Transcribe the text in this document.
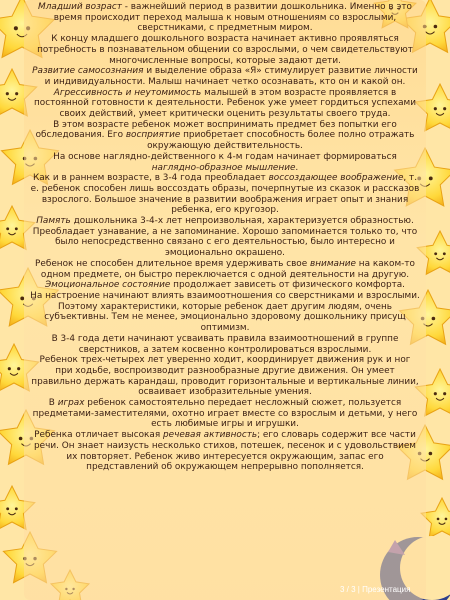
Младший возраст - важнейший период в развитии дошкольника. Именно в это время происходит переход малыша к новым отношениям со взрослыми, сверстниками, с предметным миром.

К концу младшего дошкольного возраста начинает активно проявляться потребность в познавательном общении со взрослыми, о чем свидетельствуют многочисленные вопросы, которые задают дети.

Развитие самосознания и выделение образа «Я» стимулирует развитие личности и индивидуальности. Малыш начинает четко осознавать, кто он и какой он.

Агрессивность и неутомимость малышей в этом возрасте проявляется в постоянной готовности к деятельности. Ребенок уже умеет гордиться успехами своих действий, умеет критически оценить результаты своего труда.

В этом возрасте ребенок может воспринимать предмет без попытки его обследования. Его восприятие приобретает способность более полно отражать окружающую действительность.

На основе наглядно-действенного к 4-м годам начинает формироваться наглядно-образное мышление.

Как и в раннем возрасте, в 3-4 года преобладает воссоздающее воображение, т. е. ребенок способен лишь воссоздать образы, почерпнутые из сказок и рассказов взрослого. Большое значение в развитии воображения играет опыт и знания ребенка, его кругозор.

Память дошкольника 3-4-х лет непроизвольная, характеризуется образностью. Преобладает узнавание, а не запоминание. Хорошо запоминается только то, что было непосредственно связано с его деятельностью, было интересно и эмоционально окрашено.

Ребенок не способен длительное время удерживать свое внимание на каком-то одном предмете, он быстро переключается с одной деятельности на другую.

Эмоциональное состояние продолжает зависеть от физического комфорта.

На настроение начинают влиять взаимоотношения со сверстниками и взрослыми. Поэтому характеристики, которые ребенок дает другим людям, очень субъективны. Тем не менее, эмоционально здоровому дошкольнику присущ оптимизм.

В 3-4 года дети начинают усваивать правила взаимоотношений в группе сверстников, а затем косвенно контролироваться взрослыми.

Ребенок трех-четырех лет уверенно ходит, координирует движения рук и ног при ходьбе, воспроизводит разнообразные другие движения. Он умеет правильно держать карандаш, проводит горизонтальные и вертикальные линии, осваивает изобразительные умения.

В играх ребенок самостоятельно передает несложный сюжет, пользуется предметами-заместителями, охотно играет вместе со взрослым и детьми, у него есть любимые игры и игрушки.

Ребенка отличает высокая речевая активность; его словарь содержит все части речи. Он знает наизусть несколько стихов, потешек, песенок и с удовольствием их повторяет. Ребенок живо интересуется окружающим, запас его представлений об окружающем непрерывно пополняется.

3 / 3 | Презентация
